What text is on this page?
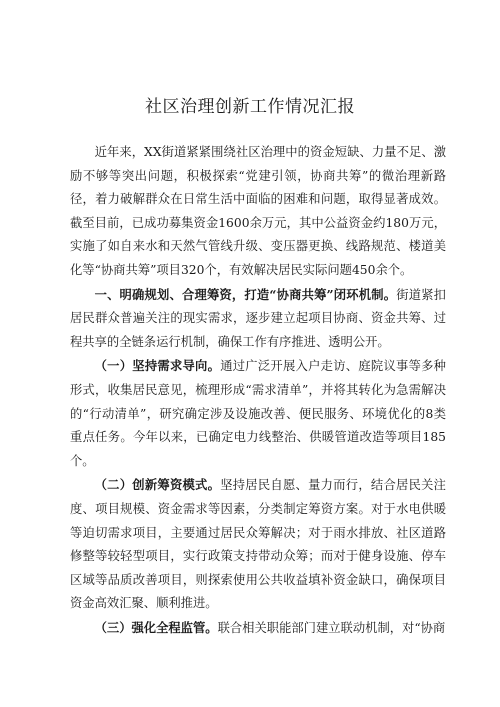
社区治理创新工作情况汇报

近年来，XX街道紧紧围绕社区治理中的资金短缺、力量不足、激励不够等突出问题，积极探索“党建引领，协商共筹”的微治理新路径，着力破解群众在日常生活中面临的困难和问题，取得显著成效。截至目前，已成功募集资金1600余万元，其中公益资金约180万元，实施了如自来水和天然气管线升级、变压器更换、线路规范、楼道美化等“协商共筹”项目320个，有效解决居民实际问题450余个。

一、明确规划、合理筹资，打造“协商共筹”闭环机制。街道紧扣居民群众普遍关注的现实需求，逐步建立起项目协商、资金共筹、过程共享的全链条运行机制，确保工作有序推进、透明公开。

（一）坚持需求导向。通过广泛开展入户走访、庭院议事等多种形式，收集居民意见，梳理形成“需求清单”，并将其转化为急需解决的“行动清单”，研究确定涉及设施改善、便民服务、环境优化的8类重点任务。今年以来，已确定电力线整治、供暖管道改造等项目185个。

（二）创新筹资模式。坚持居民自愿、量力而行，结合居民关注度、项目规模、资金需求等因素，分类制定筹资方案。对于水电供暖等迫切需求项目，主要通过居民众筹解决；对于雨水排放、社区道路修整等较轻型项目，实行政策支持带动众筹；而对于健身设施、停车区域等品质改善项目，则探索使用公共收益填补资金缺口，确保项目资金高效汇聚、顺利推进。

（三）强化全程监管。联合相关职能部门建立联动机制，对“协商
